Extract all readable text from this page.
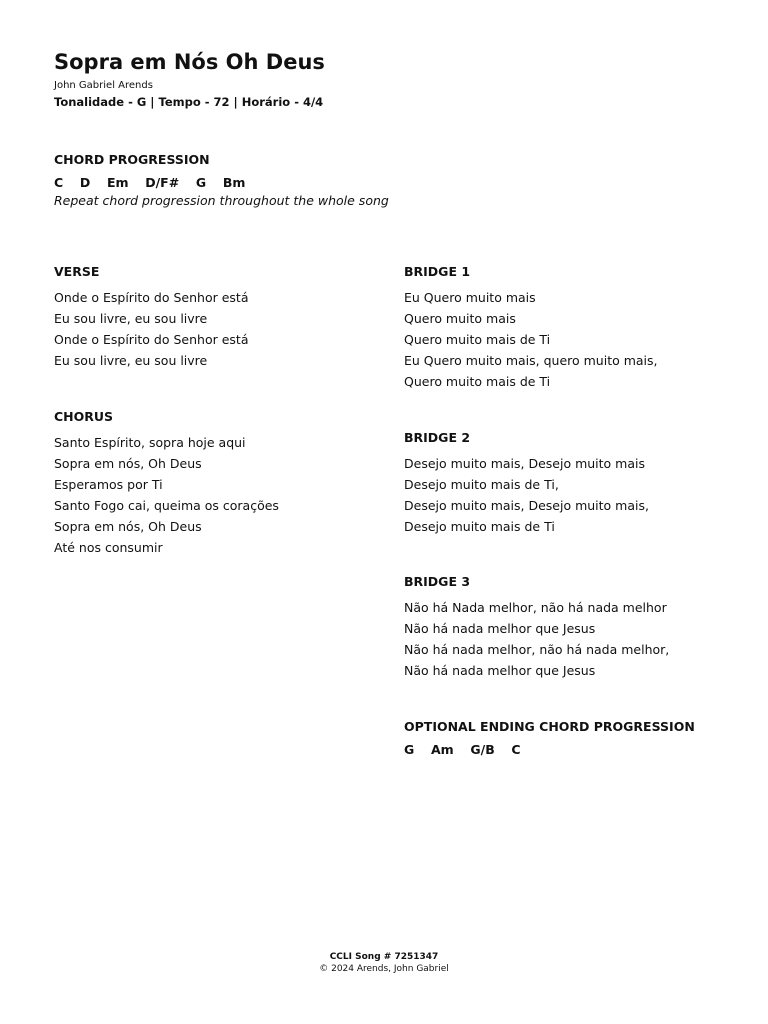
Sopra em Nós Oh Deus
John Gabriel Arends
Tonalidade - G | Tempo - 72 | Horário - 4/4
CHORD PROGRESSION
C  D  Em  D/F#  G  Bm
Repeat chord progression throughout the whole song
VERSE
Onde o Espírito do Senhor está
Eu sou livre, eu sou livre
Onde o Espírito do Senhor está
Eu sou livre, eu sou livre
CHORUS
Santo Espírito, sopra hoje aqui
Sopra em nós, Oh Deus
Esperamos por Ti
Santo Fogo cai, queima os corações
Sopra em nós, Oh Deus
Até nos consumir
BRIDGE 1
Eu Quero muito mais
Quero muito mais
Quero muito mais de Ti
Eu Quero muito mais, quero muito mais,
Quero muito mais de Ti
BRIDGE 2
Desejo muito mais, Desejo muito mais
Desejo muito mais de Ti,
Desejo muito mais, Desejo muito mais,
Desejo muito mais de Ti
BRIDGE 3
Não há Nada melhor, não há nada melhor
Não há nada melhor que Jesus
Não há nada melhor, não há nada melhor,
Não há nada melhor que Jesus
OPTIONAL ENDING CHORD PROGRESSION
G  Am  G/B  C
CCLI Song # 7251347
© 2024 Arends, John Gabriel
